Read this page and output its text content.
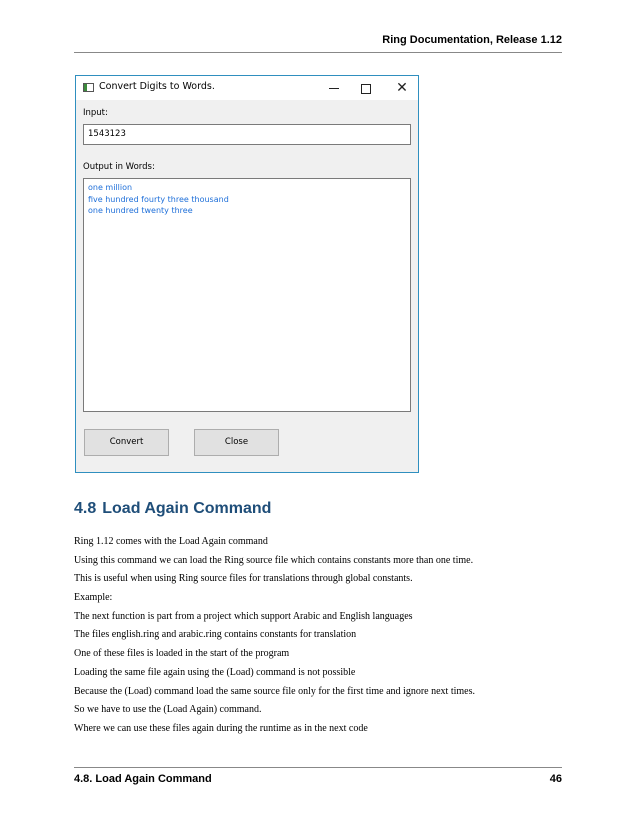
Ring Documentation, Release 1.12
Convert Digits to Words.	✕
Input:
1543123
Output in Words:
one million
five hundred fourty three thousand
one hundred twenty three
Convert	Close
4.8 Load Again Command

Ring 1.12 comes with the Load Again command

Using this command we can load the Ring source file which contains constants more than one time.

This is useful when using Ring source files for translations through global constants.

Example:

The next function is part from a project which support Arabic and English languages

The files english.ring and arabic.ring contains constants for translation

One of these files is loaded in the start of the program

Loading the same file again using the (Load) command is not possible

Because the (Load) command load the same source file only for the first time and ignore next times.

So we have to use the (Load Again) command.

Where we can use these files again during the runtime as in the next code

4.8. Load Again Command	46
